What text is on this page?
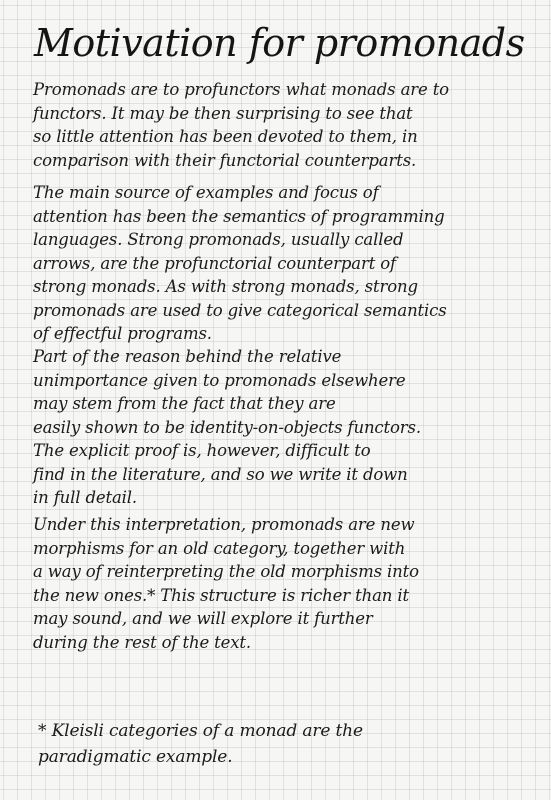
Motivation for promonads
Promonads are to profunctors what monads are to
functors. It may be then surprising to see that
so little attention has been devoted to them, in
comparison with their functorial counterparts.
The main source of examples and focus of
attention has been the semantics of programming
languages. Strong promonads, usually called
arrows, are the profunctorial counterpart of
strong monads. As with strong monads, strong
promonads are used to give categorical semantics
of effectful programs.
Part of the reason behind the relative
unimportance given to promonads elsewhere
may stem from the fact that they are
easily shown to be identity-on-objects functors.
The explicit proof is, however, difficult to
find in the literature, and so we write it down
in full detail.
Under this interpretation, promonads are new
morphisms for an old category, together with
a way of reinterpreting the old morphisms into
the new ones.* This structure is richer than it
may sound, and we will explore it further
during the rest of the text.
* Kleisli categories of a monad are the
paradigmatic example.
